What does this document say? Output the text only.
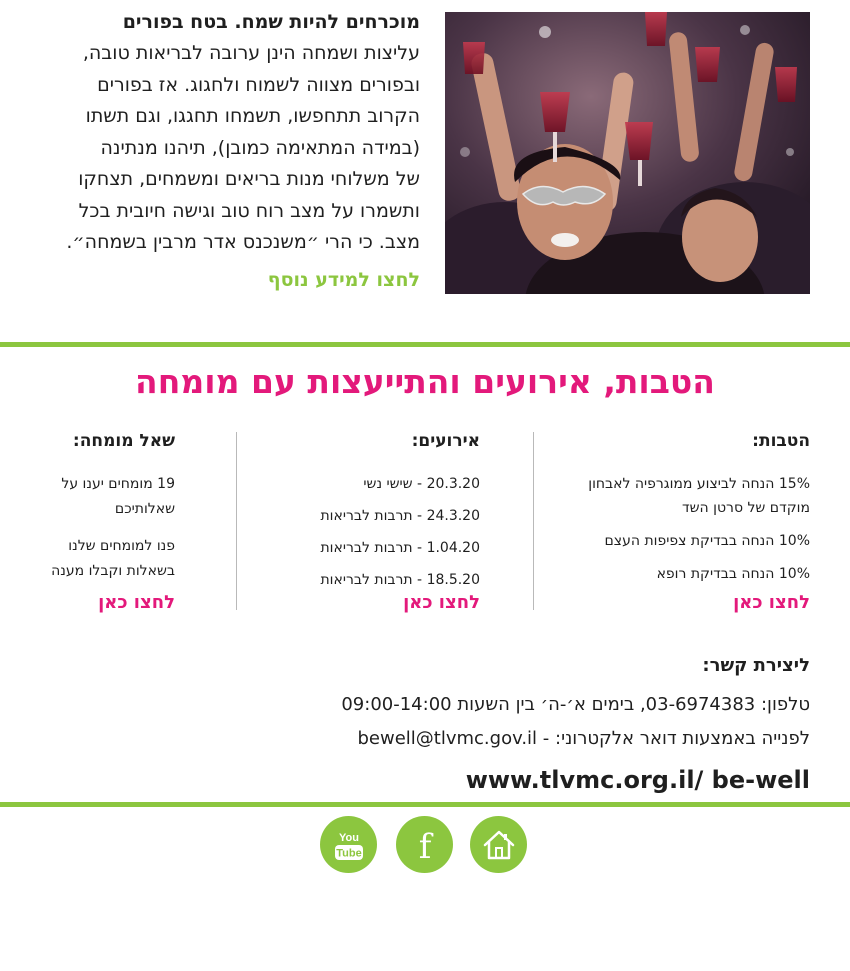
מוכרחים להיות שמח. בטח בפורים
עליצות ושמחה הינן ערובה לבריאות טובה,
ובפורים מצווה לשמוח ולחגוג. אז בפורים
הקרוב תתחפשו, תשמחו תחגגו, וגם תשתו
(במידה המתאימה כמובן), תיהנו מנתינה
של משלוחי מנות בריאים ומשמחים, תצחקו
ותשמרו על מצב רוח טוב וגישה חיובית בכל
מצב. כי הרי ״משנכנס אדר מרבין בשמחה״.
לחצו למידע נוסף
הטבות, אירועים והתייעצות עם מומחה
הטבות:
15% הנחה לביצוע ממוגרפיה לאבחון מוקדם של סרטן השד
10% הנחה בבדיקת צפיפות העצם
10% הנחה בבדיקת רופא
לחצו כאן
אירועים:
20.3.20 - שישי נשי
24.3.20 - תרבות לבריאות
1.04.20 - תרבות לבריאות
18.5.20 - תרבות לבריאות
לחצו כאן
שאל מומחה:
19 מומחים יענו על שאלותיכם
פנו למומחים שלנו בשאלות וקבלו מענה
לחצו כאן
ליצירת קשר:
טלפון: 03-6974383, בימים א׳-ה׳ בין השעות 09:00-14:00
לפנייה באמצעות דואר אלקטרוני: - bewell@tlvmc.gov.il
www.tlvmc.org.il/ be-well
You
Tube f
